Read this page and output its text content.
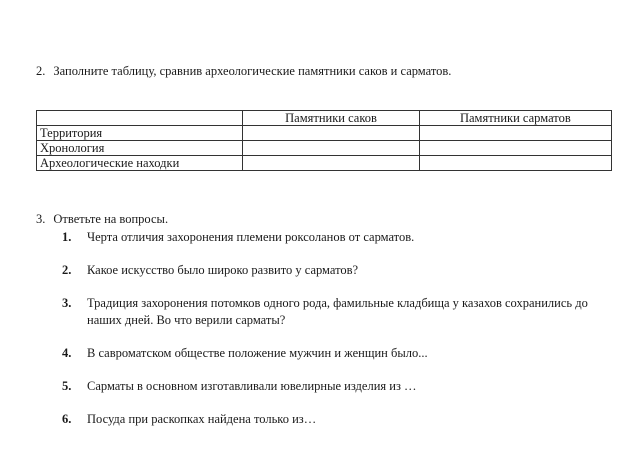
2. Заполните таблицу, сравнив археологические памятники саков и сарматов.
	Памятники саков	Памятники сарматов
Территория		
Хронология		
Археологические находки		
3. Ответьте на вопросы.
1. Черта отличия захоронения племени роксоланов от сарматов.
2. Какое искусство было широко развито у сарматов?
3. Традиция захоронения потомков одного рода, фамильные кладбища у казахов сохранились до наших дней. Во что верили сарматы?
4. В савроматском обществе положение мужчин и женщин было...
5. Сарматы в основном изготавливали ювелирные изделия из …
6. Посуда при раскопках найдена только из…
